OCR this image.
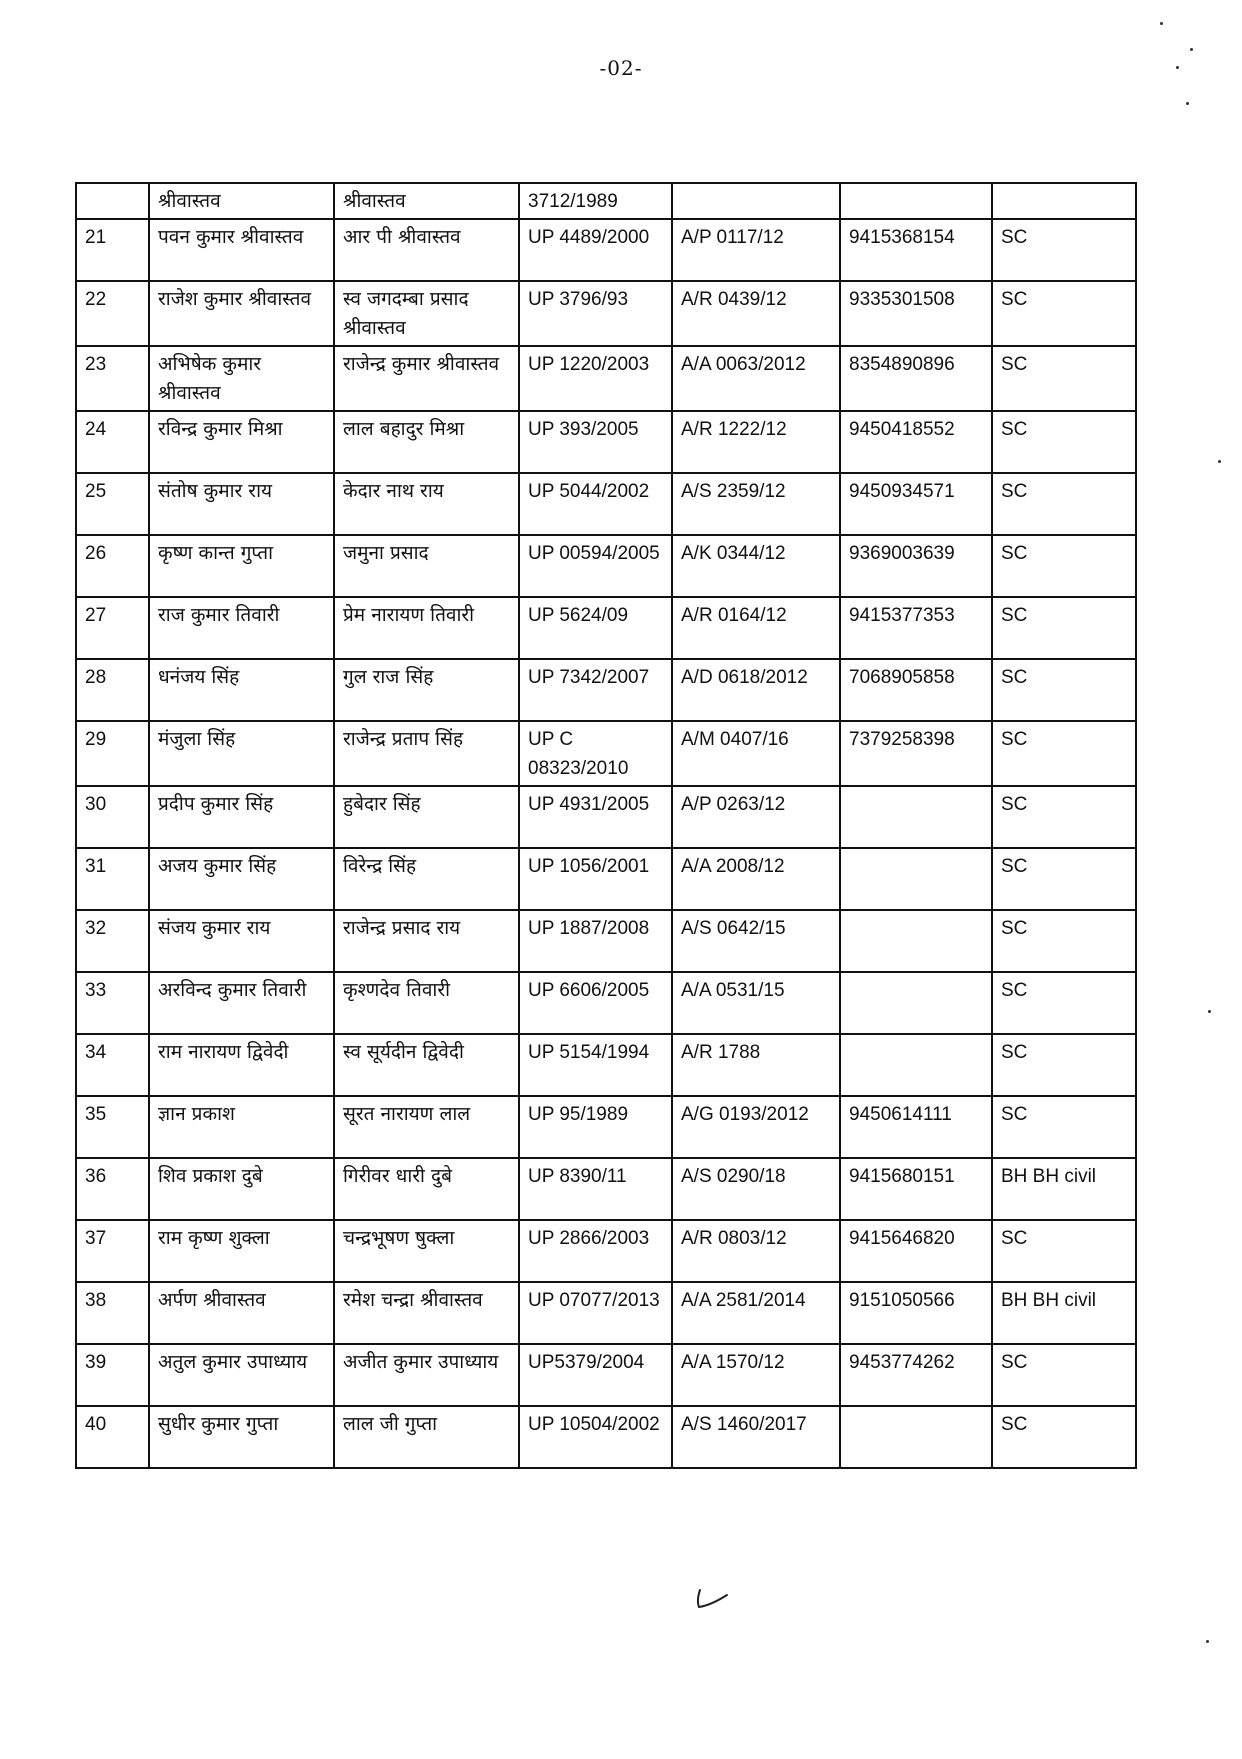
-02-
	श्रीवास्तव	श्रीवास्तव	3712/1989			
21	पवन कुमार श्रीवास्तव	आर पी श्रीवास्तव	UP 4489/2000	A/P 0117/12	9415368154	SC
22	राजेश कुमार श्रीवास्तव	स्व जगदम्बा प्रसाद श्रीवास्तव	UP 3796/93	A/R 0439/12	9335301508	SC
23	अभिषेक कुमार श्रीवास्तव	राजेन्द्र कुमार श्रीवास्तव	UP 1220/2003	A/A 0063/2012	8354890896	SC
24	रविन्द्र कुमार मिश्रा	लाल बहादुर मिश्रा	UP 393/2005	A/R 1222/12	9450418552	SC
25	संतोष कुमार राय	केदार नाथ राय	UP 5044/2002	A/S 2359/12	9450934571	SC
26	कृष्ण कान्त गुप्ता	जमुना प्रसाद	UP 00594/2005	A/K 0344/12	9369003639	SC
27	राज कुमार तिवारी	प्रेम नारायण तिवारी	UP 5624/09	A/R 0164/12	9415377353	SC
28	धनंजय सिंह	गुल राज सिंह	UP 7342/2007	A/D 0618/2012	7068905858	SC
29	मंजुला सिंह	राजेन्द्र प्रताप सिंह	UP C 08323/2010	A/M 0407/16	7379258398	SC
30	प्रदीप कुमार सिंह	हुबेदार सिंह	UP 4931/2005	A/P 0263/12		SC
31	अजय कुमार सिंह	विरेन्द्र सिंह	UP 1056/2001	A/A 2008/12		SC
32	संजय कुमार राय	राजेन्द्र प्रसाद राय	UP 1887/2008	A/S 0642/15		SC
33	अरविन्द कुमार तिवारी	कृश्णदेव तिवारी	UP 6606/2005	A/A 0531/15		SC
34	राम नारायण द्विवेदी	स्व सूर्यदीन द्विवेदी	UP 5154/1994	A/R 1788		SC
35	ज्ञान प्रकाश	सूरत नारायण लाल	UP 95/1989	A/G 0193/2012	9450614111	SC
36	शिव प्रकाश दुबे	गिरीवर धारी दुबे	UP 8390/11	A/S 0290/18	9415680151	BH BH civil
37	राम कृष्ण शुक्ला	चन्द्रभूषण षुक्ला	UP 2866/2003	A/R 0803/12	9415646820	SC
38	अर्पण श्रीवास्तव	रमेश चन्द्रा श्रीवास्तव	UP 07077/2013	A/A 2581/2014	9151050566	BH BH civil
39	अतुल कुमार उपाध्याय	अजीत कुमार उपाध्याय	UP5379/2004	A/A 1570/12	9453774262	SC
40	सुधीर कुमार गुप्ता	लाल जी गुप्ता	UP 10504/2002	A/S 1460/2017		SC
